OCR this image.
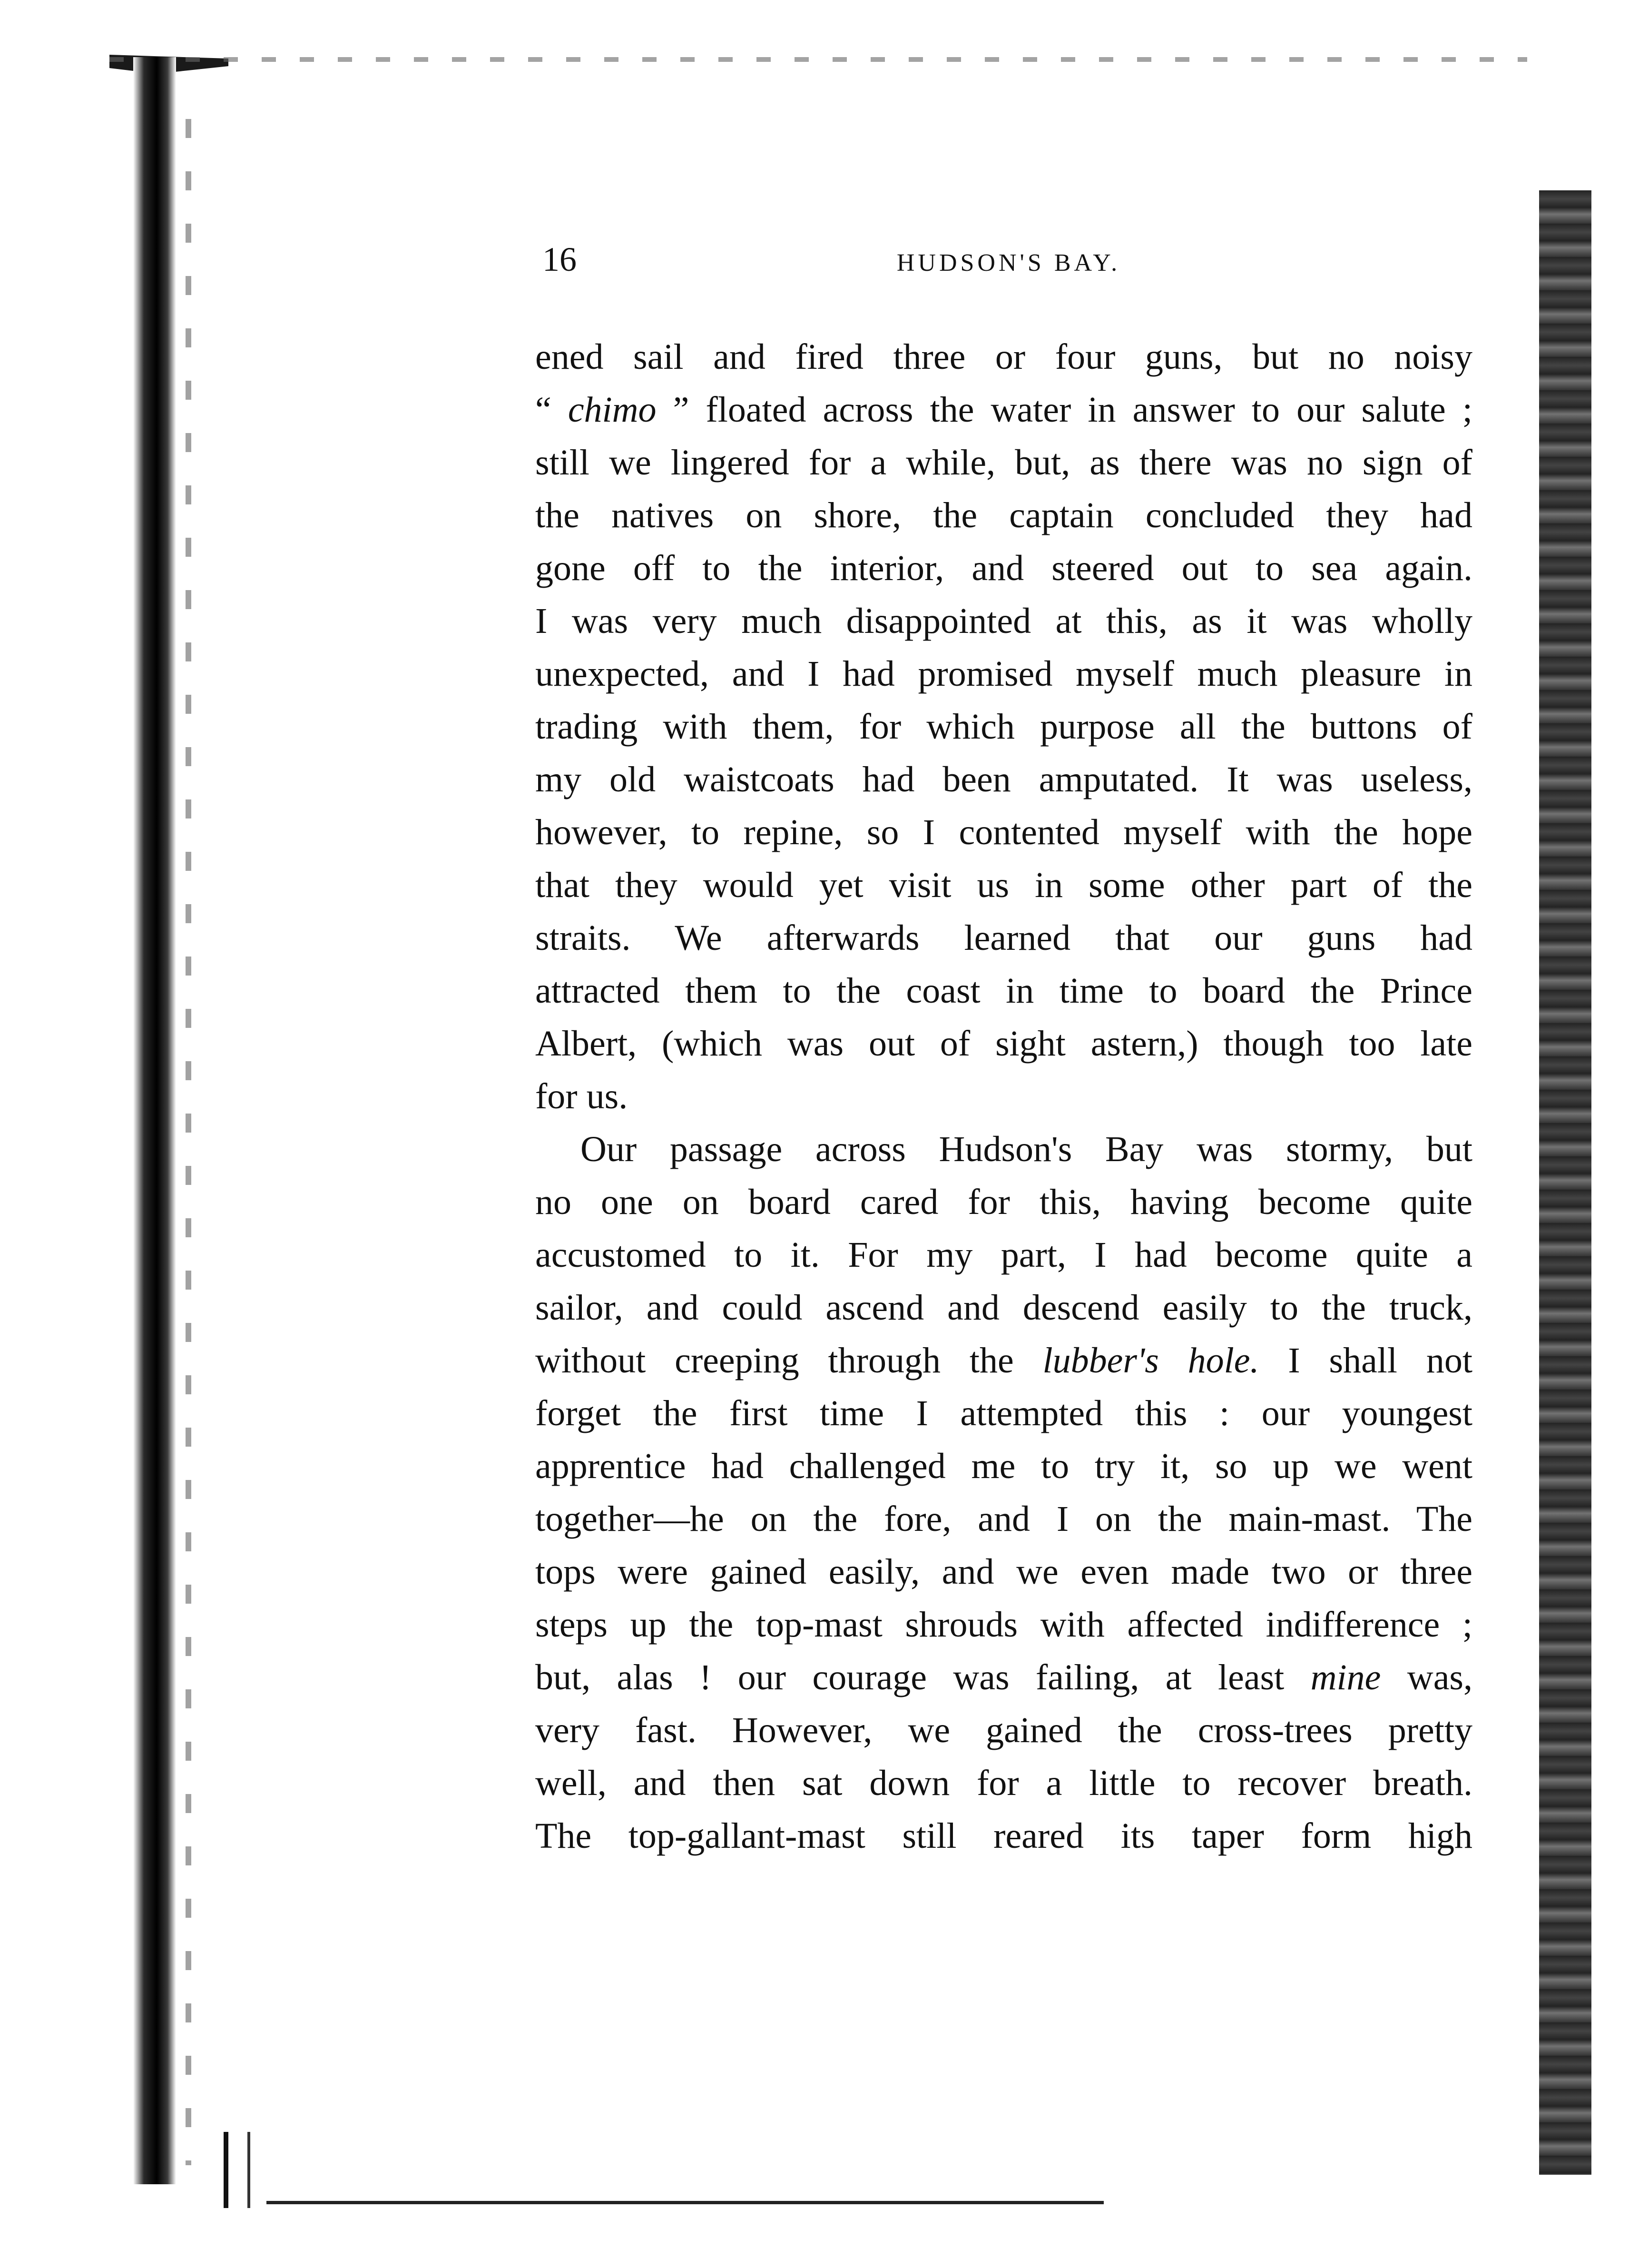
16	HUDSON'S BAY.
ened sail and fired three or four guns, but no noisy
“ chimo ” floated across the water in answer to our salute ;
still we lingered for a while, but, as there was no sign of
the natives on shore, the captain concluded they had
gone off to the interior, and steered out to sea again.
I was very much disappointed at this, as it was wholly
unexpected, and I had promised myself much pleasure in
trading with them, for which purpose all the buttons of
my old waistcoats had been amputated. It was useless,
however, to repine, so I contented myself with the hope
that they would yet visit us in some other part of the
straits. We afterwards learned that our guns had
attracted them to the coast in time to board the Prince
Albert, (which was out of sight astern,) though too late
for us.
Our passage across Hudson's Bay was stormy, but
no one on board cared for this, having become quite
accustomed to it. For my part, I had become quite a
sailor, and could ascend and descend easily to the truck,
without creeping through the lubber's hole. I shall not
forget the first time I attempted this : our youngest
apprentice had challenged me to try it, so up we went
together—he on the fore, and I on the main-mast. The
tops were gained easily, and we even made two or three
steps up the top-mast shrouds with affected indifference ;
but, alas ! our courage was failing, at least mine was,
very fast. However, we gained the cross-trees pretty
well, and then sat down for a little to recover breath.
The top-gallant-mast still reared its taper form high
